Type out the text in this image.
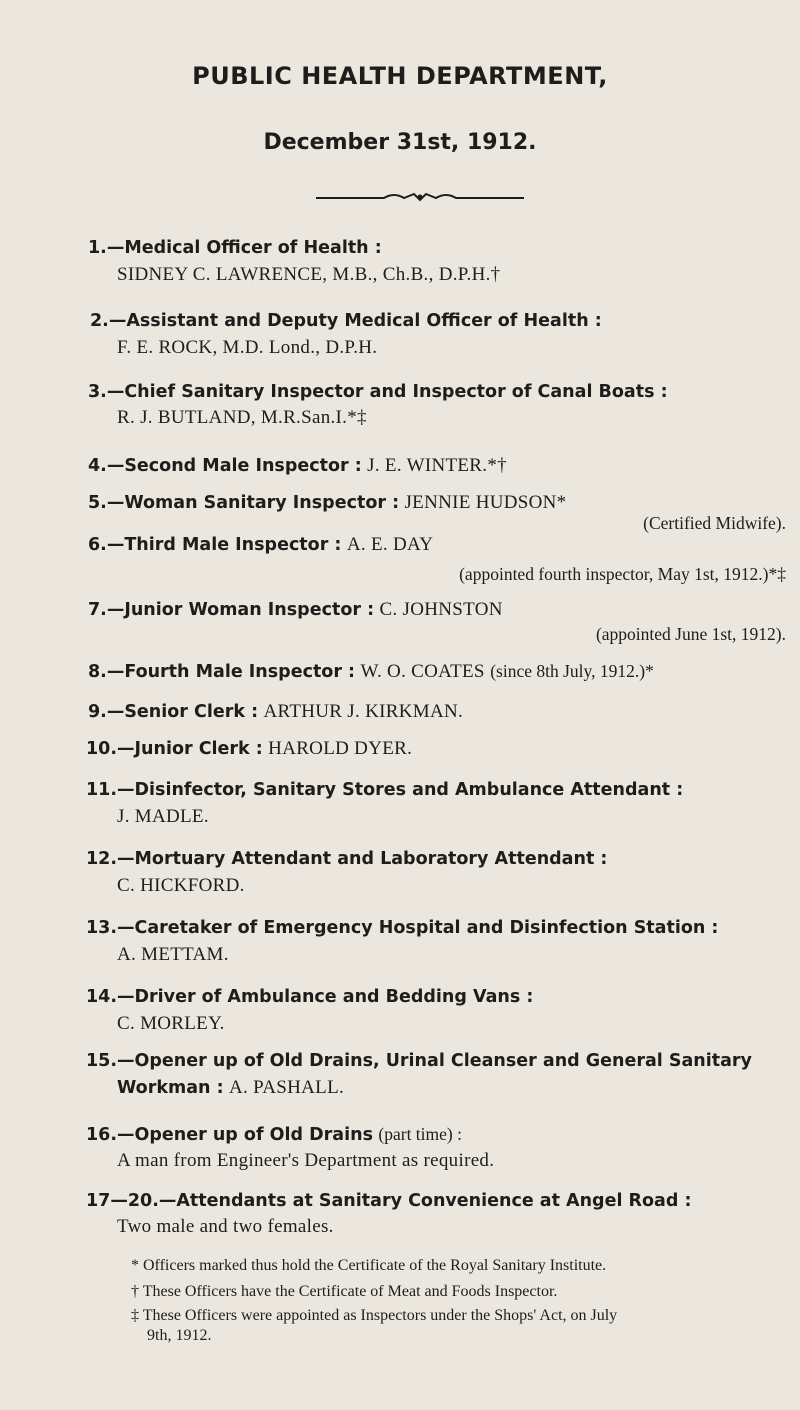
PUBLIC HEALTH DEPARTMENT,
December 31st, 1912.
1.—Medical Officer of Health :
SIDNEY C. LAWRENCE, M.B., Ch.B., D.P.H.†
2.—Assistant and Deputy Medical Officer of Health :
F. E. ROCK, M.D. Lond., D.P.H.
3.—Chief Sanitary Inspector and Inspector of Canal Boats :
R. J. BUTLAND, M.R.San.I.*‡
4.—Second Male Inspector : J. E. WINTER.*†
5.—Woman Sanitary Inspector : JENNIE HUDSON*
(Certified Midwife).
6.—Third Male Inspector : A. E. DAY
(appointed fourth inspector, May 1st, 1912.)*‡
7.—Junior Woman Inspector : C. JOHNSTON
(appointed June 1st, 1912).
8.—Fourth Male Inspector : W. O. COATES (since 8th July, 1912.)*
9.—Senior Clerk : ARTHUR J. KIRKMAN.
10.—Junior Clerk : HAROLD DYER.
11.—Disinfector, Sanitary Stores and Ambulance Attendant :
J. MADLE.
12.—Mortuary Attendant and Laboratory Attendant :
C. HICKFORD.
13.—Caretaker of Emergency Hospital and Disinfection Station :
A. METTAM.
14.—Driver of Ambulance and Bedding Vans :
C. MORLEY.
15.—Opener up of Old Drains, Urinal Cleanser and General Sanitary
Workman : A. PASHALL.
16.—Opener up of Old Drains (part time) :
A man from Engineer's Department as required.
17—20.—Attendants at Sanitary Convenience at Angel Road :
Two male and two females.
* Officers marked thus hold the Certificate of the Royal Sanitary Institute.
† These Officers have the Certificate of Meat and Foods Inspector.
‡ These Officers were appointed as Inspectors under the Shops' Act, on July
9th, 1912.
